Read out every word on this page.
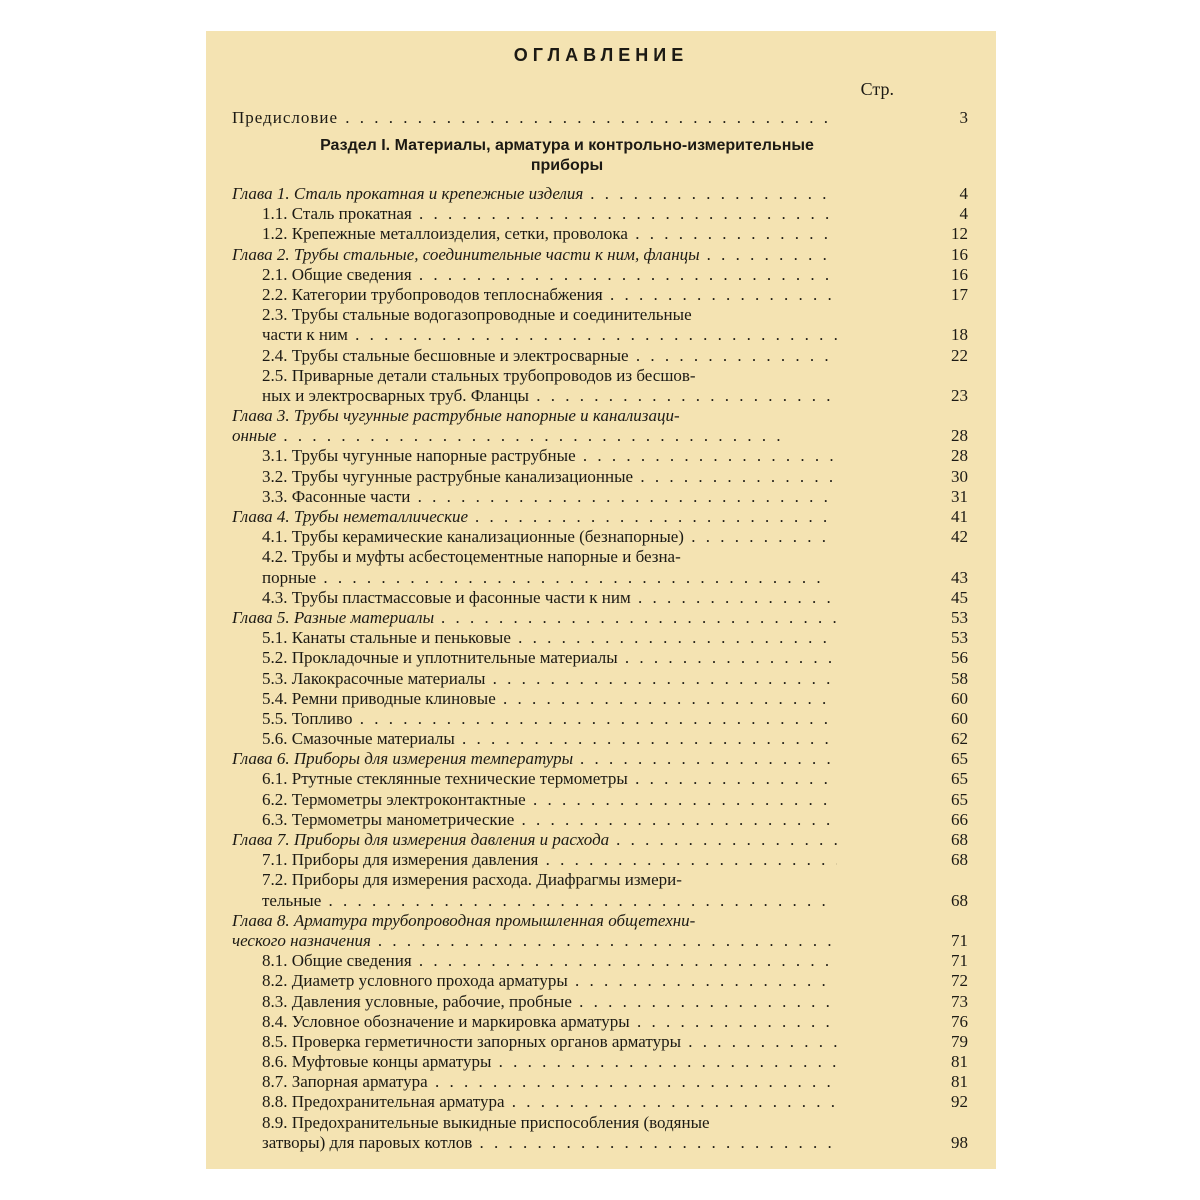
ОГЛАВЛЕНИЕ
Стр.
Предисловие . .	3
Раздел I. Материалы, арматура и контрольно-измерительные
приборы
Глава 1. Сталь прокатная и крепежные изделия . .	4
1.1. Сталь прокатная . .	4
1.2. Крепежные металлоизделия, сетки, проволока . .	12
Глава 2. Трубы стальные, соединительные части к ним, фланцы . .	16
2.1. Общие сведения . .	16
2.2. Категории трубопроводов теплоснабжения . .	17
2.3. Трубы стальные водогазопроводные и соединительные
части к ним . .	18
2.4. Трубы стальные бесшовные и электросварные . .	22
2.5. Приварные детали стальных трубопроводов из бесшов-
ных и электросварных труб. Фланцы . .	23
Глава 3. Трубы чугунные раструбные напорные и канализаци-
онные . .	28
3.1. Трубы чугунные напорные раструбные . .	28
3.2. Трубы чугунные раструбные канализационные . .	30
3.3. Фасонные части . .	31
Глава 4. Трубы неметаллические . .	41
4.1. Трубы керамические канализационные (безнапорные) . .	42
4.2. Трубы и муфты асбестоцементные напорные и безна-
порные . .	43
4.3. Трубы пластмассовые и фасонные части к ним . .	45
Глава 5. Разные материалы . .	53
5.1. Канаты стальные и пеньковые . .	53
5.2. Прокладочные и уплотнительные материалы . .	56
5.3. Лакокрасочные материалы . .	58
5.4. Ремни приводные клиновые . .	60
5.5. Топливо . .	60
5.6. Смазочные материалы . .	62
Глава 6. Приборы для измерения температуры . .	65
6.1. Ртутные стеклянные технические термометры . .	65
6.2. Термометры электроконтактные . .	65
6.3. Термометры манометрические . .	66
Глава 7. Приборы для измерения давления и расхода . .	68
7.1. Приборы для измерения давления . .	68
7.2. Приборы для измерения расхода. Диафрагмы измери-
тельные . .	68
Глава 8. Арматура трубопроводная промышленная общетехни-
ческого назначения . .	71
8.1. Общие сведения . .	71
8.2. Диаметр условного прохода арматуры . .	72
8.3. Давления условные, рабочие, пробные . .	73
8.4. Условное обозначение и маркировка арматуры . .	76
8.5. Проверка герметичности запорных органов арматуры . .	79
8.6. Муфтовые концы арматуры . .	81
8.7. Запорная арматура . .	81
8.8. Предохранительная арматура . .	92
8.9. Предохранительные выкидные приспособления (водяные
затворы) для паровых котлов . .	98
